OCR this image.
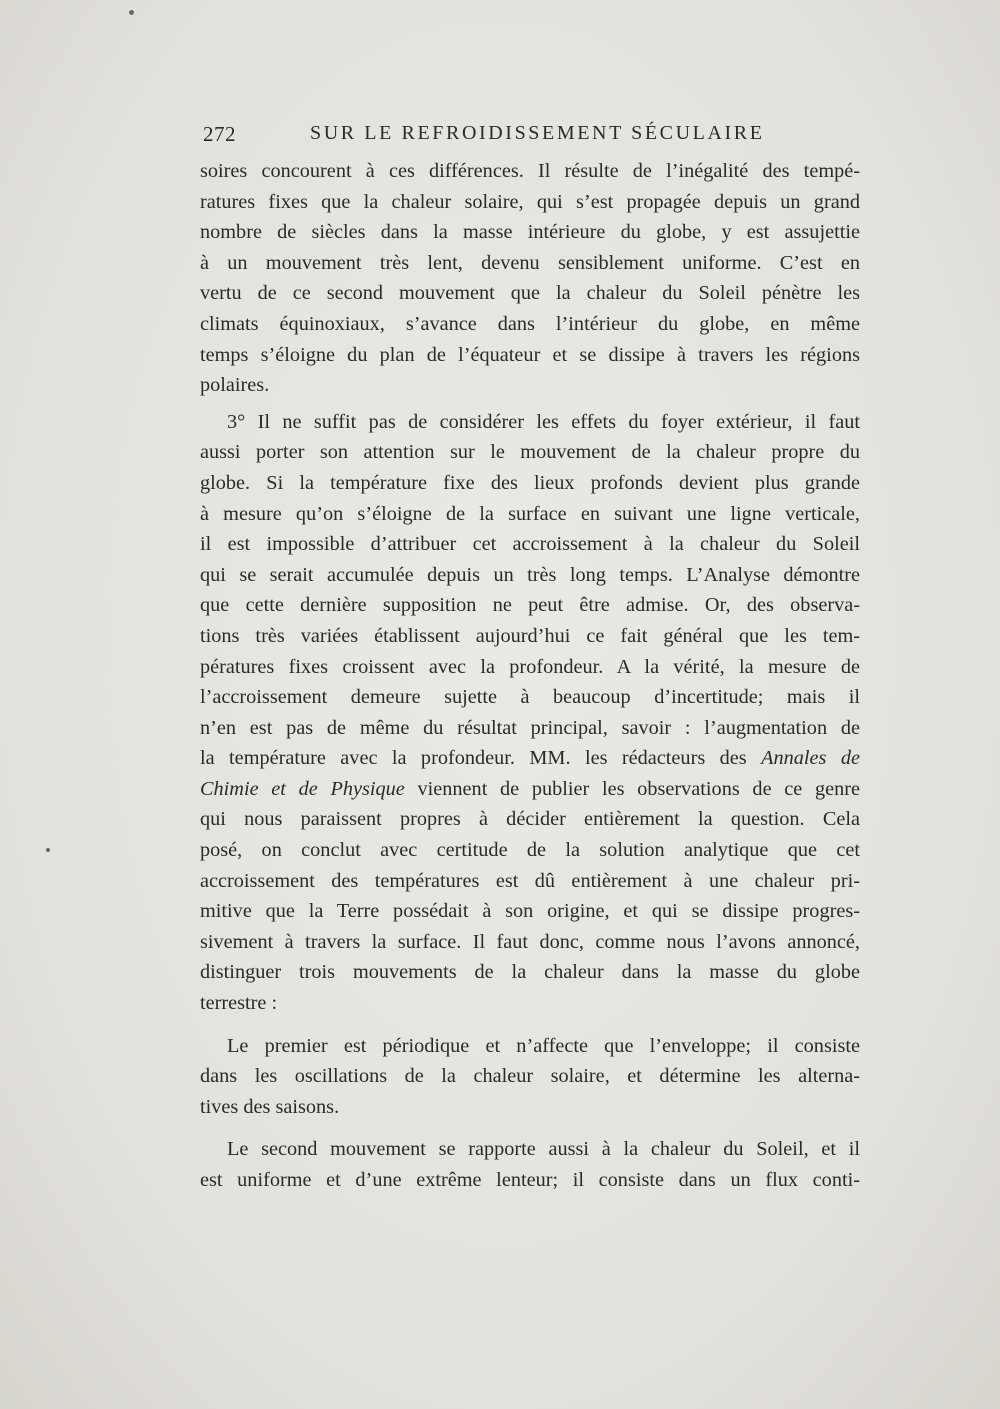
272	SUR LE REFROIDISSEMENT SÉCULAIRE
soires concourent à ces différences. Il résulte de l’inégalité des tempé-
ratures fixes que la chaleur solaire, qui s’est propagée depuis un grand
nombre de siècles dans la masse intérieure du globe, y est assujettie
à un mouvement très lent, devenu sensiblement uniforme. C’est en
vertu de ce second mouvement que la chaleur du Soleil pénètre les
climats équinoxiaux, s’avance dans l’intérieur du globe, en même
temps s’éloigne du plan de l’équateur et se dissipe à travers les régions
polaires.
3° Il ne suffit pas de considérer les effets du foyer extérieur, il faut
aussi porter son attention sur le mouvement de la chaleur propre du
globe. Si la température fixe des lieux profonds devient plus grande
à mesure qu’on s’éloigne de la surface en suivant une ligne verticale,
il est impossible d’attribuer cet accroissement à la chaleur du Soleil
qui se serait accumulée depuis un très long temps. L’Analyse démontre
que cette dernière supposition ne peut être admise. Or, des observa-
tions très variées établissent aujourd’hui ce fait général que les tem-
pératures fixes croissent avec la profondeur. A la vérité, la mesure de
l’accroissement demeure sujette à beaucoup d’incertitude; mais il
n’en est pas de même du résultat principal, savoir : l’augmentation de
la température avec la profondeur. MM. les rédacteurs des Annales de
Chimie et de Physique viennent de publier les observations de ce genre
qui nous paraissent propres à décider entièrement la question. Cela
posé, on conclut avec certitude de la solution analytique que cet
accroissement des températures est dû entièrement à une chaleur pri-
mitive que la Terre possédait à son origine, et qui se dissipe progres-
sivement à travers la surface. Il faut donc, comme nous l’avons annoncé,
distinguer trois mouvements de la chaleur dans la masse du globe
terrestre :
Le premier est périodique et n’affecte que l’enveloppe; il consiste
dans les oscillations de la chaleur solaire, et détermine les alterna-
tives des saisons.
Le second mouvement se rapporte aussi à la chaleur du Soleil, et il
est uniforme et d’une extrême lenteur; il consiste dans un flux conti-
